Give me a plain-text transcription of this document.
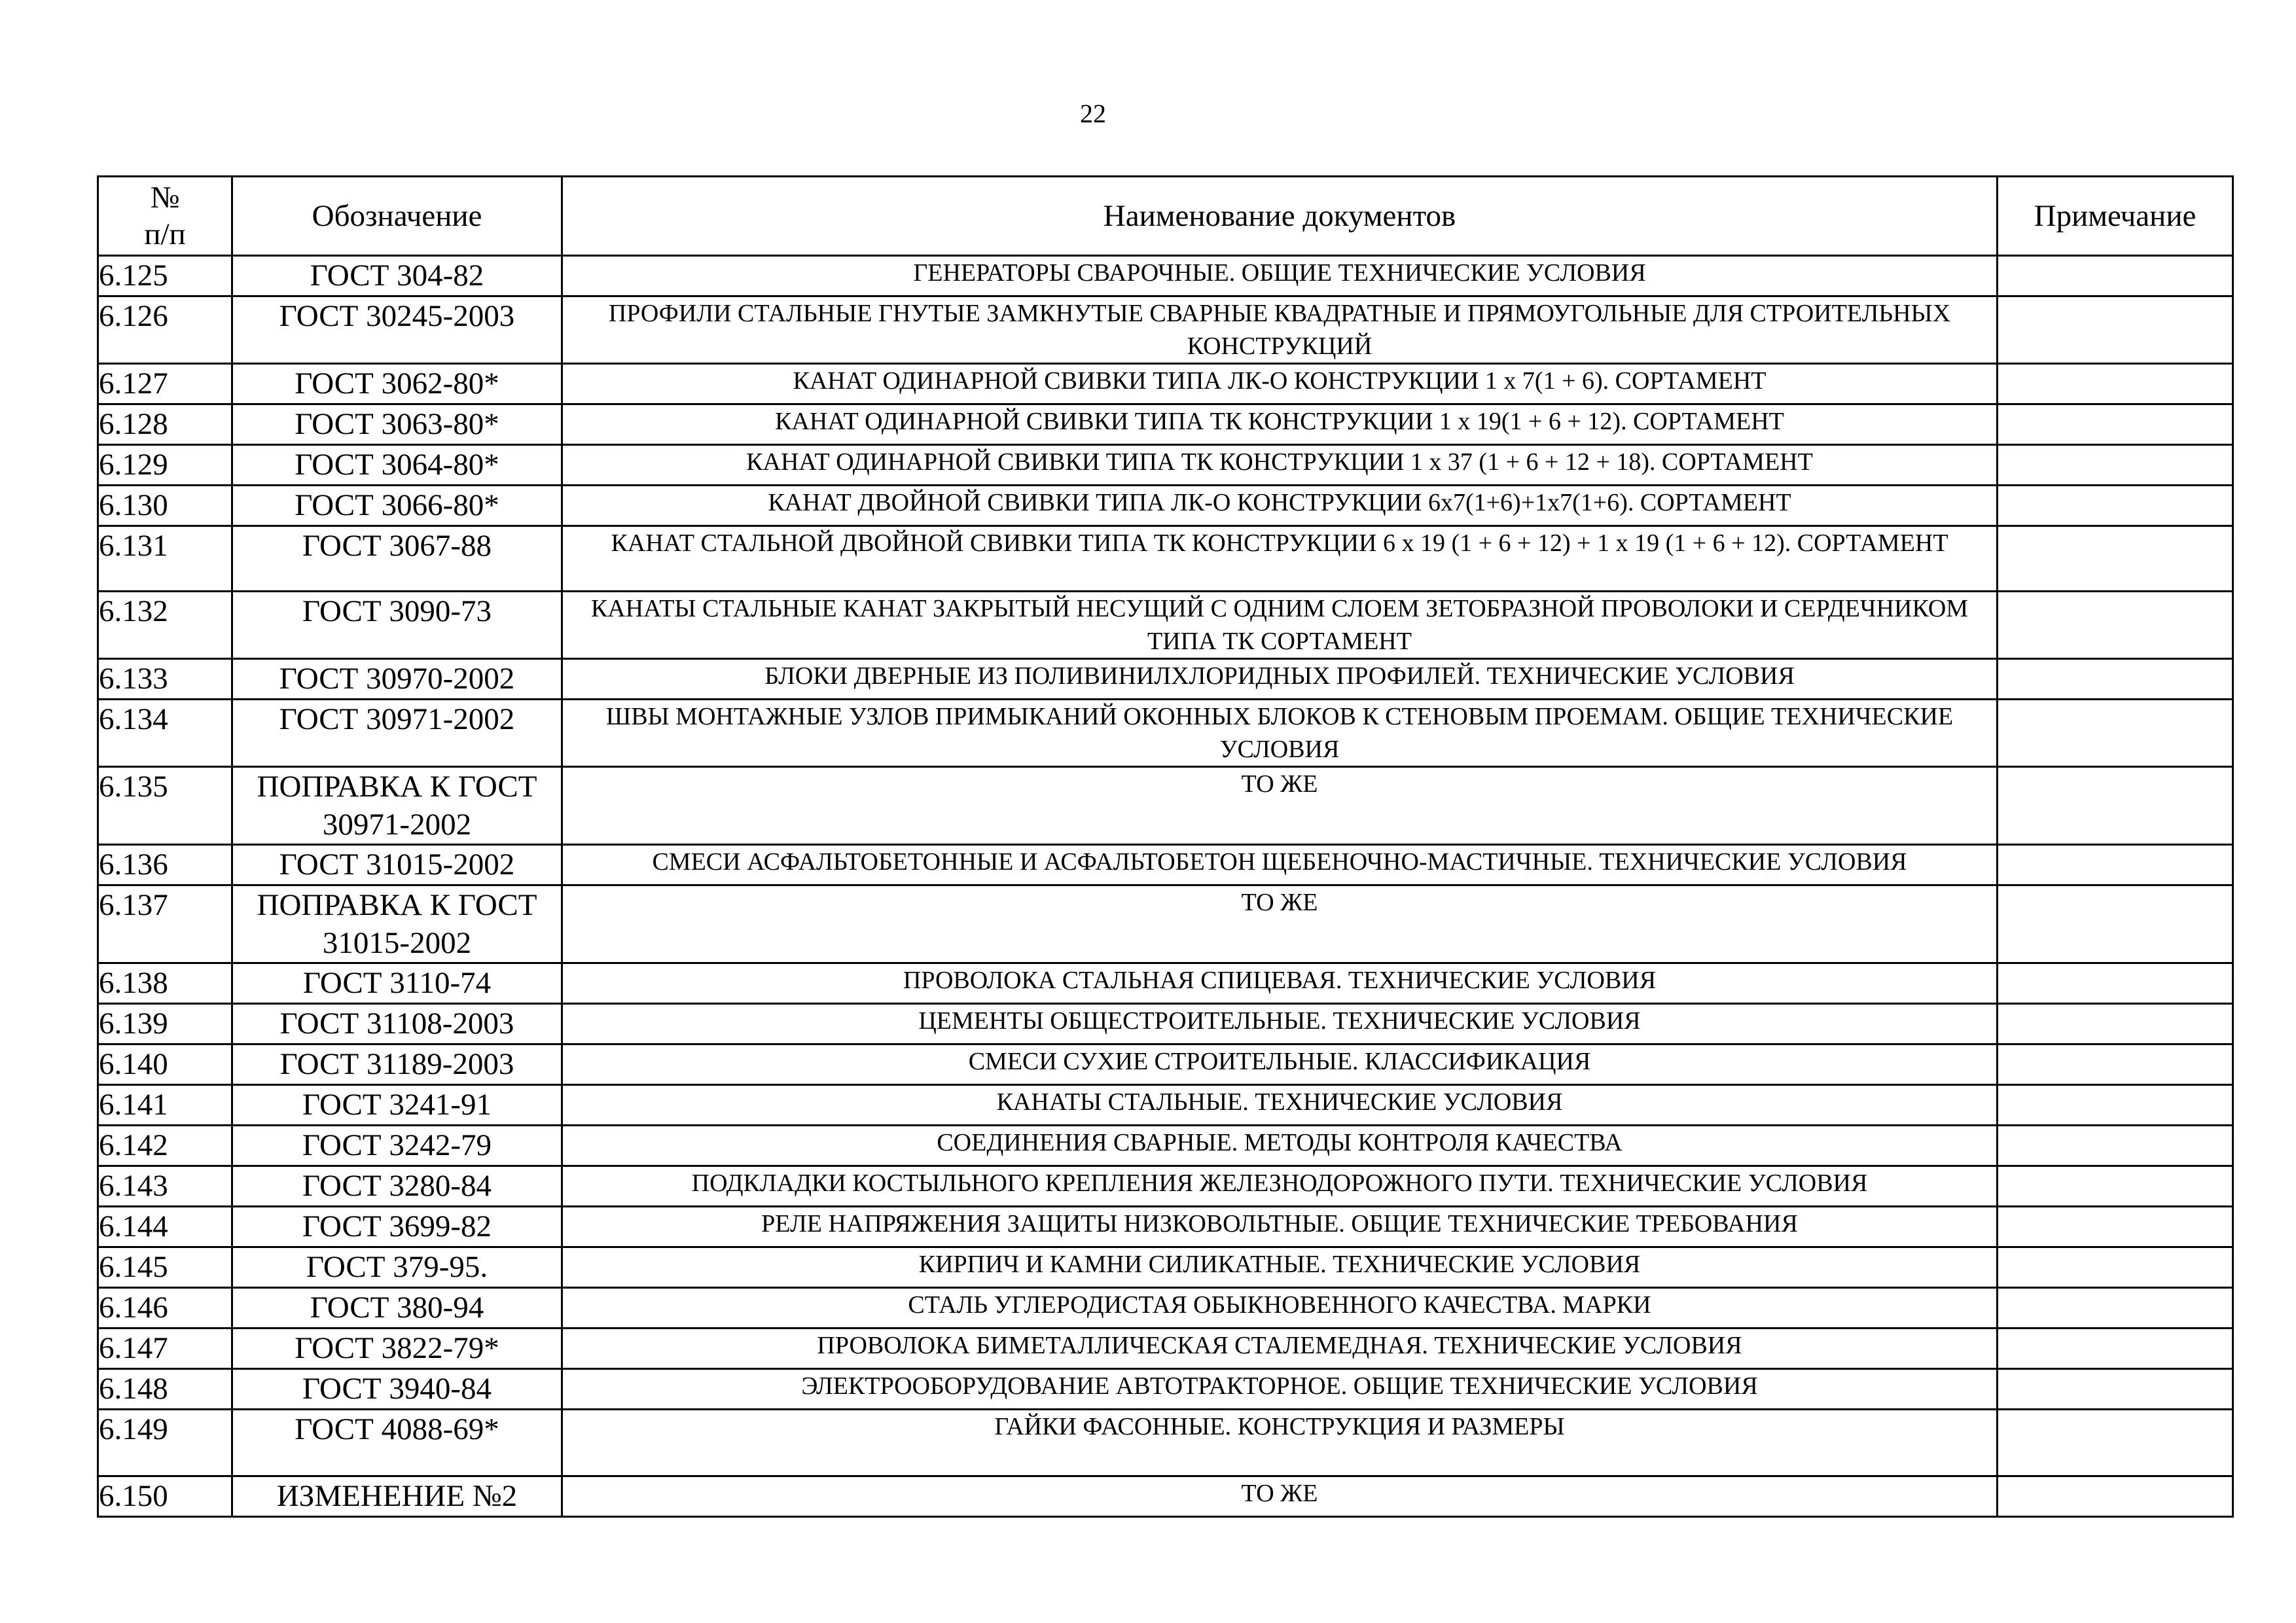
22
№
п/п	Обозначение	Наименование документов	Примечание
6.125	ГОСТ 304-82	ГЕНЕРАТОРЫ СВАРОЧНЫЕ. ОБЩИЕ ТЕХНИЧЕСКИЕ УСЛОВИЯ	
6.126	ГОСТ 30245-2003	ПРОФИЛИ СТАЛЬНЫЕ ГНУТЫЕ ЗАМКНУТЫЕ СВАРНЫЕ КВАДРАТНЫЕ И ПРЯМОУГОЛЬНЫЕ ДЛЯ СТРОИТЕЛЬНЫХ КОНСТРУКЦИЙ	
6.127	ГОСТ 3062-80*	КАНАТ ОДИНАРНОЙ СВИВКИ ТИПА ЛК-О КОНСТРУКЦИИ 1 х 7(1 + 6). СОРТАМЕНТ	
6.128	ГОСТ 3063-80*	КАНАТ ОДИНАРНОЙ СВИВКИ ТИПА ТК КОНСТРУКЦИИ 1 х 19(1 + 6 + 12). СОРТАМЕНТ	
6.129	ГОСТ 3064-80*	КАНАТ ОДИНАРНОЙ СВИВКИ ТИПА ТК КОНСТРУКЦИИ 1 х 37 (1 + 6 + 12 + 18). СОРТАМЕНТ	
6.130	ГОСТ 3066-80*	КАНАТ ДВОЙНОЙ СВИВКИ ТИПА ЛК-О КОНСТРУКЦИИ 6х7(1+6)+1х7(1+6). СОРТАМЕНТ	
6.131	ГОСТ 3067-88	КАНАТ СТАЛЬНОЙ ДВОЙНОЙ СВИВКИ ТИПА ТК КОНСТРУКЦИИ 6 х 19 (1 + 6 + 12) + 1 х 19 (1 + 6 + 12). СОРТАМЕНТ	
6.132	ГОСТ 3090-73	КАНАТЫ СТАЛЬНЫЕ КАНАТ ЗАКРЫТЫЙ НЕСУЩИЙ С ОДНИМ СЛОЕМ ЗЕТОБРАЗНОЙ ПРОВОЛОКИ И СЕРДЕЧНИКОМ ТИПА ТК СОРТАМЕНТ	
6.133	ГОСТ 30970-2002	БЛОКИ ДВЕРНЫЕ ИЗ ПОЛИВИНИЛХЛОРИДНЫХ ПРОФИЛЕЙ. ТЕХНИЧЕСКИЕ УСЛОВИЯ	
6.134	ГОСТ 30971-2002	ШВЫ МОНТАЖНЫЕ УЗЛОВ ПРИМЫКАНИЙ ОКОННЫХ БЛОКОВ К СТЕНОВЫМ ПРОЕМАМ. ОБЩИЕ ТЕХНИЧЕСКИЕ УСЛОВИЯ	
6.135	ПОПРАВКА К ГОСТ 30971-2002	ТО ЖЕ	
6.136	ГОСТ 31015-2002	СМЕСИ АСФАЛЬТОБЕТОННЫЕ И АСФАЛЬТОБЕТОН ЩЕБЕНОЧНО-МАСТИЧНЫЕ. ТЕХНИЧЕСКИЕ УСЛОВИЯ	
6.137	ПОПРАВКА К ГОСТ 31015-2002	ТО ЖЕ	
6.138	ГОСТ 3110-74	ПРОВОЛОКА СТАЛЬНАЯ СПИЦЕВАЯ. ТЕХНИЧЕСКИЕ УСЛОВИЯ	
6.139	ГОСТ 31108-2003	ЦЕМЕНТЫ ОБЩЕСТРОИТЕЛЬНЫЕ. ТЕХНИЧЕСКИЕ УСЛОВИЯ	
6.140	ГОСТ 31189-2003	СМЕСИ СУХИЕ СТРОИТЕЛЬНЫЕ. КЛАССИФИКАЦИЯ	
6.141	ГОСТ 3241-91	КАНАТЫ СТАЛЬНЫЕ. ТЕХНИЧЕСКИЕ УСЛОВИЯ	
6.142	ГОСТ 3242-79	СОЕДИНЕНИЯ СВАРНЫЕ. МЕТОДЫ КОНТРОЛЯ КАЧЕСТВА	
6.143	ГОСТ 3280-84	ПОДКЛАДКИ КОСТЫЛЬНОГО КРЕПЛЕНИЯ ЖЕЛЕЗНОДОРОЖНОГО ПУТИ. ТЕХНИЧЕСКИЕ УСЛОВИЯ	
6.144	ГОСТ 3699-82	РЕЛЕ НАПРЯЖЕНИЯ ЗАЩИТЫ НИЗКОВОЛЬТНЫЕ. ОБЩИЕ ТЕХНИЧЕСКИЕ ТРЕБОВАНИЯ	
6.145	ГОСТ 379-95.	КИРПИЧ И КАМНИ СИЛИКАТНЫЕ. ТЕХНИЧЕСКИЕ УСЛОВИЯ	
6.146	ГОСТ 380-94	СТАЛЬ УГЛЕРОДИСТАЯ ОБЫКНОВЕННОГО КАЧЕСТВА. МАРКИ	
6.147	ГОСТ 3822-79*	ПРОВОЛОКА БИМЕТАЛЛИЧЕСКАЯ СТАЛЕМЕДНАЯ. ТЕХНИЧЕСКИЕ УСЛОВИЯ	
6.148	ГОСТ 3940-84	ЭЛЕКТРООБОРУДОВАНИЕ АВТОТРАКТОРНОЕ. ОБЩИЕ ТЕХНИЧЕСКИЕ УСЛОВИЯ	
6.149	ГОСТ 4088-69*	ГАЙКИ ФАСОННЫЕ. КОНСТРУКЦИЯ И РАЗМЕРЫ	
6.150	ИЗМЕНЕНИЕ №2	ТО ЖЕ	
